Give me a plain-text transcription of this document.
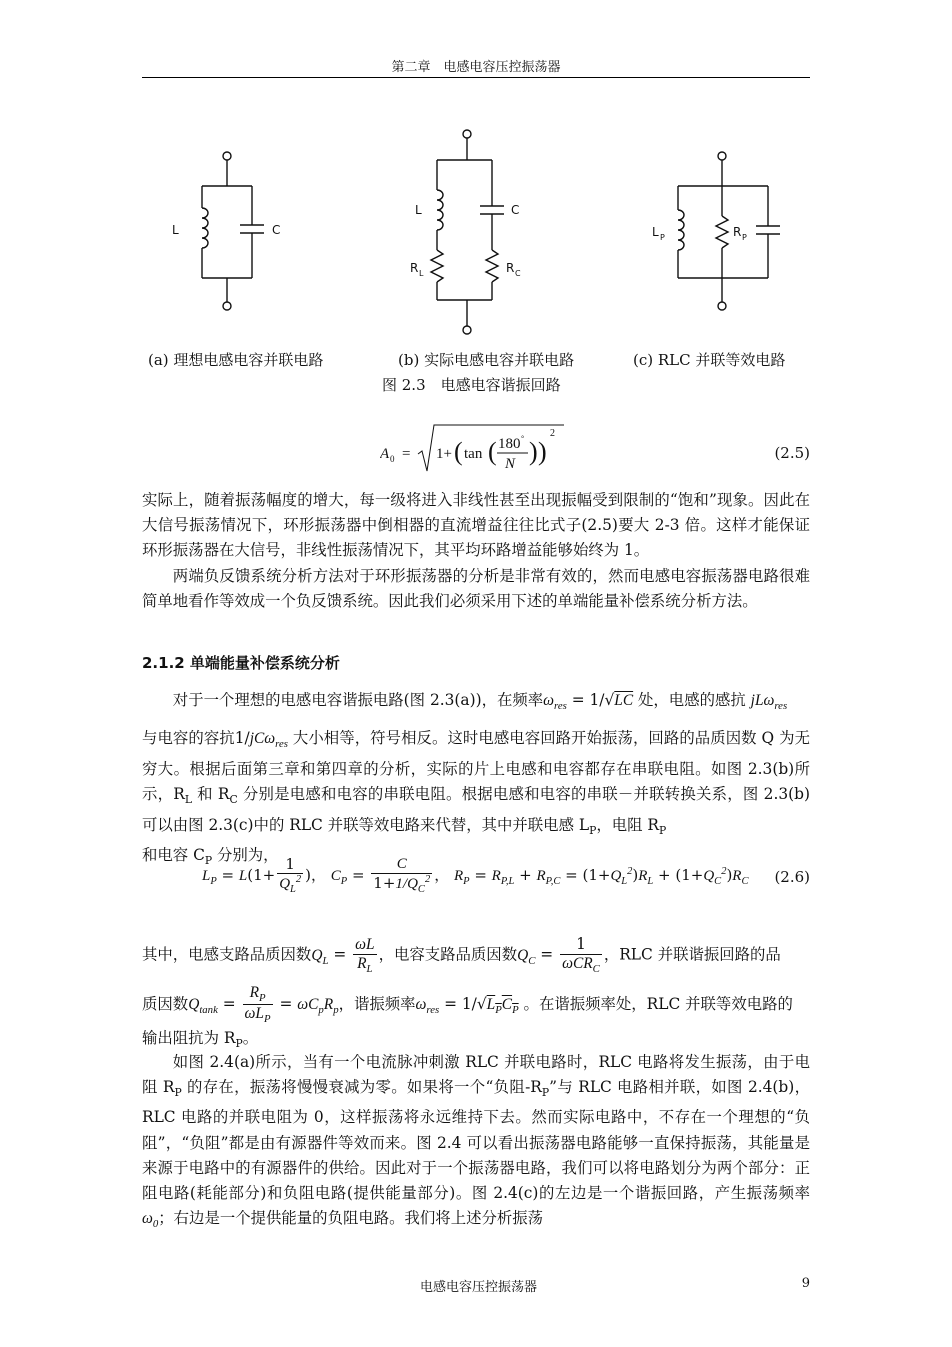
第二章　电感电容压控振荡器
L	C
L	C
R L	R C
L P	R P
(a) 理想电感电容并联电路	(b) 实际电感电容并联电路	(c) RLC 并联等效电路
图 2.3　电感电容谐振回路
A 0 = 1+ ( tan ( 180 °
N ) )
2
(2.5)

实际上，随着振荡幅度的增大，每一级将进入非线性甚至出现振幅受到限制的“饱和”现象。因此在大信号振荡情况下，环形振荡器中倒相器的直流增益往往比式子(2.5)要大 2-3 倍。这样才能保证环形振荡器在大信号，非线性振荡情况下，其平均环路增益能够始终为 1。

两端负反馈系统分析方法对于环形振荡器的分析是非常有效的，然而电感电容振荡器电路很难简单地看作等效成一个负反馈系统。因此我们必须采用下述的单端能量补偿系统分析方法。

2.1.2 单端能量补偿系统分析

对于一个理想的电感电容谐振电路(图 2.3(a))，在频率$\omega_{res} = 1/√LC$ 处，电感的感抗 jLω$_{res}$

与电容的容抗1/jCω$_{res}$ 大小相等，符号相反。这时电感电容回路开始振荡，回路的品质因数 Q 为无穷大。根据后面第三章和第四章的分析，实际的片上电感和电容都存在串联电阻。如图 2.3(b)所示，$R_L$ 和 $R_C$ 分别是电感和电容的串联电阻。根据电感和电容的串联－并联转换关系，图 2.3(b)可以由图 2.3(c)中的 RLC 并联等效电路来代替，其中并联电感 $L_P$，电阻 $R_P$
和电容 $C_P$ 分别为，

$L_P = L(1+ \frac{1}{Q_L^2}$ )， $C_P = \frac{C}{1+1/Q_C^2}$ ， $R_P = R_{P,L} + R_{P,C} = (1+Q_L^2)R_L + (1+Q_C^2)R_C$ (2.6)

其中，电感支路品质因数$Q_L = \frac{\omega L}{R_L}$ ，电容支路品质因数$Q_C = \frac{1}{\omega CR_C}$ ，RLC 并联谐振回路的品

质因数$Q_{tank} = \frac{R_P}{\omega L_P} = \omega C_pR_p$，谐振频率$\omega_{res} = 1/√L_PC_P$ 。在谐振频率处，RLC 并联等效电路的

输出阻抗为 $R_P$。

如图 2.4(a)所示，当有一个电流脉冲刺激 RLC 并联电路时，RLC 电路将发生振荡，由于电阻 $R_P$ 的存在，振荡将慢慢衰减为零。如果将一个“负阻$-R_P$”与 RLC 电路相并联，如图 2.4(b)，RLC 电路的并联电阻为 0，这样振荡将永远维持下去。然而实际电路中，不存在一个理想的“负阻”，“负阻”都是由有源器件等效而来。图 2.4 可以看出振荡器电路能够一直保持振荡，其能量是来源于电路中的有源器件的供给。因此对于一个振荡器电路，我们可以将电路划分为两个部分：正阻电路(耗能部分)和负阻电路(提供能量部分)。图 2.4(c)的左边是一个谐振回路，产生振荡频率 $\omega_0$；右边是一个提供能量的负阻电路。我们将上述分析振荡

电感电容压控振荡器	9
